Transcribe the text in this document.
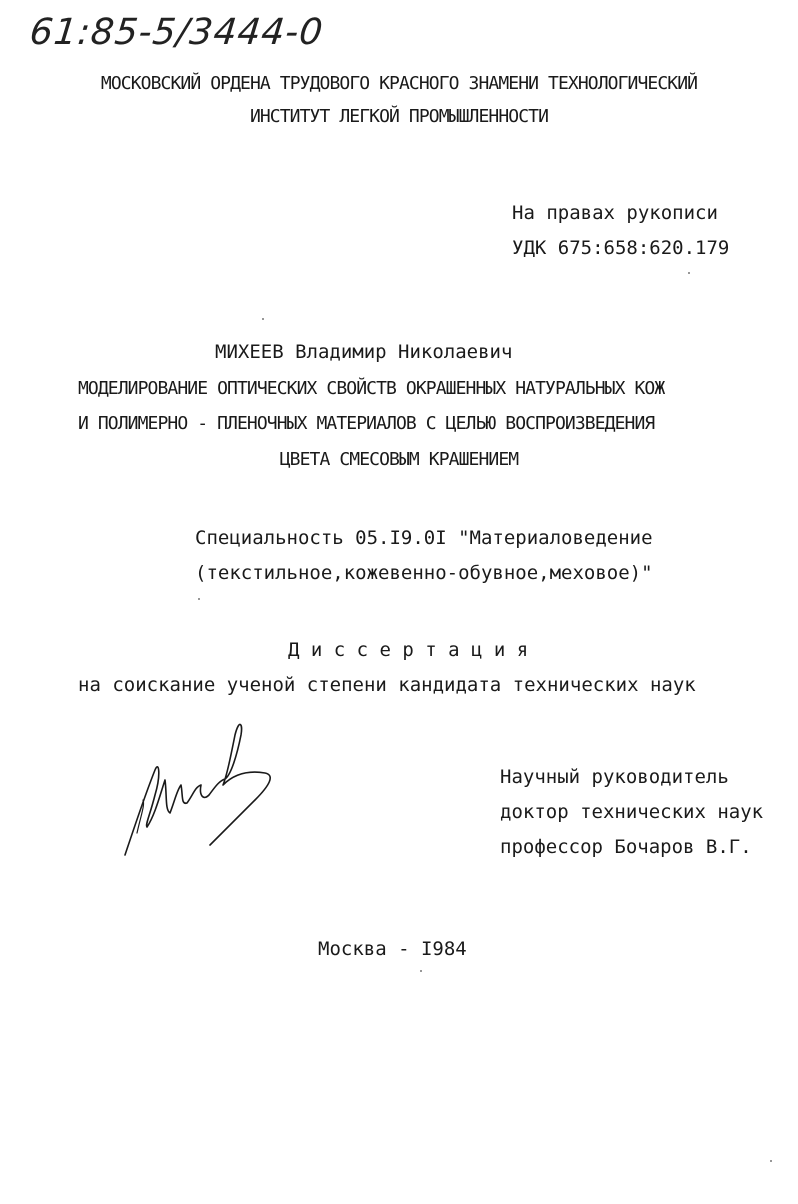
61:85-5/3444-0
МОСКОВСКИЙ ОРДЕНА ТРУДОВОГО КРАСНОГО ЗНАМЕНИ ТЕХНОЛОГИЧЕСКИЙ
ИНСТИТУТ ЛЕГКОЙ ПРОМЫШЛЕННОСТИ
На правах рукописи
УДК 675:658:620.179
МИХЕЕВ Владимир Николаевич
МОДЕЛИРОВАНИЕ ОПТИЧЕСКИХ СВОЙСТВ ОКРАШЕННЫХ НАТУРАЛЬНЫХ КОЖ
И ПОЛИМЕРНО - ПЛЕНОЧНЫХ МАТЕРИАЛОВ С ЦЕЛЬЮ ВОСПРОИЗВЕДЕНИЯ
ЦВЕТА СМЕСОВЫМ КРАШЕНИЕМ
Специальность 05.I9.0I "Материаловедение
(текстильное,кожевенно-обувное,меховое)"
Д и с с е р т а ц и я
на соискание ученой степени кандидата технических наук
Научный руководитель
доктор технических наук
профессор Бочаров В.Г.
Москва - I984
